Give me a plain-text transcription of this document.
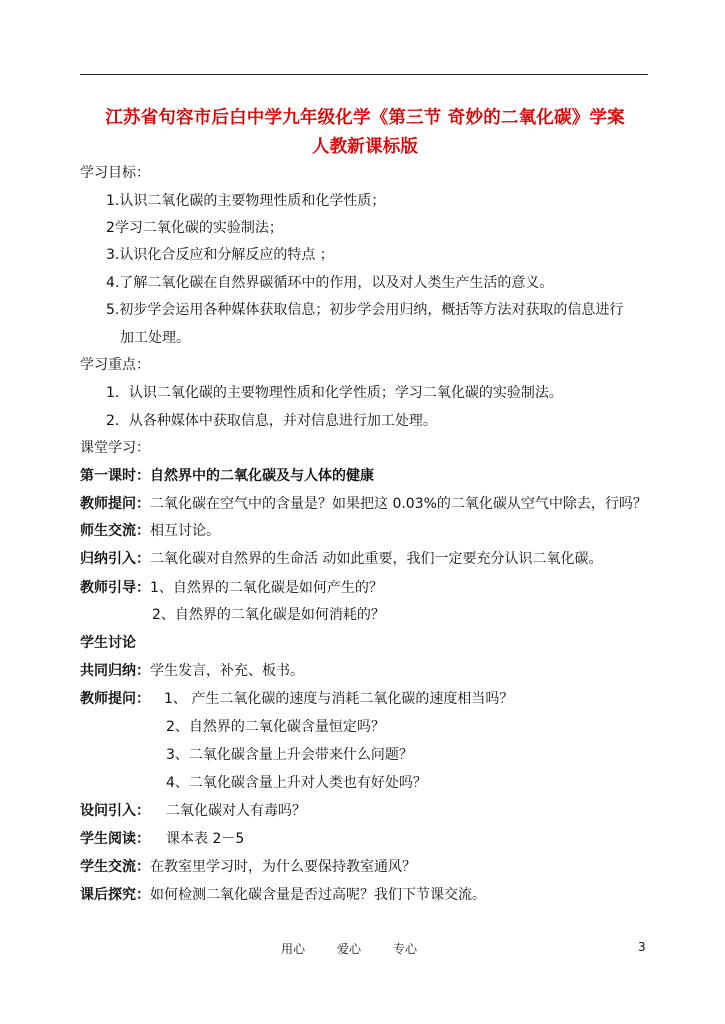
江苏省句容市后白中学九年级化学《第三节 奇妙的二氧化碳》学案
人教新课标版
学习目标：
1.认识二氧化碳的主要物理性质和化学性质；
2学习二氧化碳的实验制法；
3.认识化合反应和分解反应的特点 ；
4.了解二氧化碳在自然界碳循环中的作用，以及对人类生产生活的意义。
5.初步学会运用各种媒体获取信息；初步学会用归纳，概括等方法对获取的信息进行
加工处理。
学习重点：
1．认识二氧化碳的主要物理性质和化学性质；学习二氧化碳的实验制法。
2．从各种媒体中获取信息，并对信息进行加工处理。
课堂学习：
第一课时：自然界中的二氧化碳及与人体的健康
教师提问：二氧化碳在空气中的含量是？如果把这 0.03%的二氧化碳从空气中除去，行吗？
师生交流：相互讨论。
归纳引入：二氧化碳对自然界的生命活 动如此重要，我们一定要充分认识二氧化碳。
教师引导：1、自然界的二氧化碳是如何产生的？
2、自然界的二氧化碳是如何消耗的？
学生讨论
共同归纳：学生发言，补充、板书。
教师提问： 1、 产生二氧化碳的速度与消耗二氧化碳的速度相当吗？
2、自然界的二氧化碳含量恒定吗？
3、二氧化碳含量上升会带来什么问题？
4、二氧化碳含量上升对人类也有好处吗？
设问引入： 二氧化碳对人有毒吗？
学生阅读： 课本表 2－5
学生交流：在教室里学习时，为什么要保持教室通风？
课后探究：如何检测二氧化碳含量是否过高呢？我们下节课交流。
用心	爱心	专心	3
